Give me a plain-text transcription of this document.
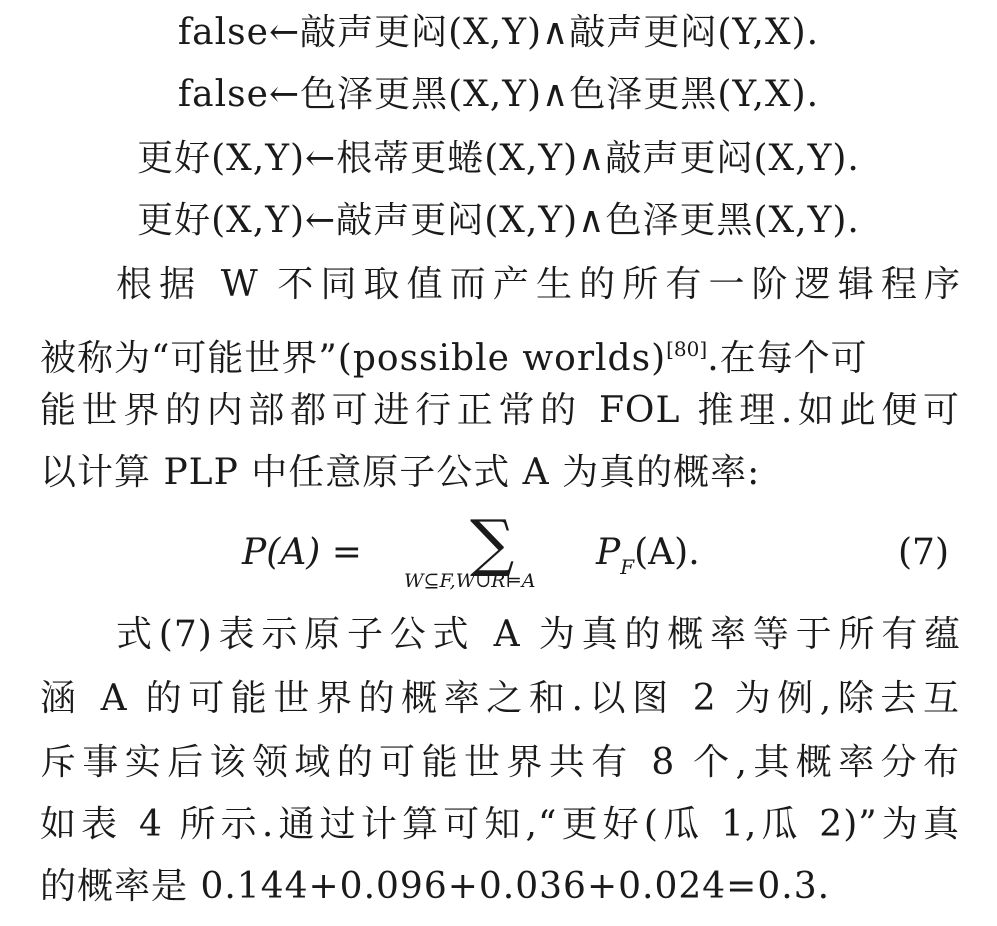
false←敲声更闷(X,Y)∧敲声更闷(Y,X).
false←色泽更黑(X,Y)∧色泽更黑(Y,X).
更好(X,Y)←根蒂更蜷(X,Y)∧敲声更闷(X,Y).
更好(X,Y)←敲声更闷(X,Y)∧色泽更黑(X,Y).
根据 W 不同取值而产生的所有一阶逻辑程序
被称为“可能世界”(possible worlds)[80].在每个可
能世界的内部都可进行正常的 FOL 推理.如此便可
以计算 PLP 中任意原子公式 A 为真的概率:
P(A) = ∑
W⊆F,W∪R⊨A
$P_F(A)$.	(7)
式(7)表示原子公式 A 为真的概率等于所有蕴
涵 A 的可能世界的概率之和.以图 2 为例,除去互
斥事实后该领域的可能世界共有 8 个,其概率分布
如表 4 所示.通过计算可知,“更好(瓜 1,瓜 2)”为真
的概率是 0.144+0.096+0.036+0.024=0.3.
